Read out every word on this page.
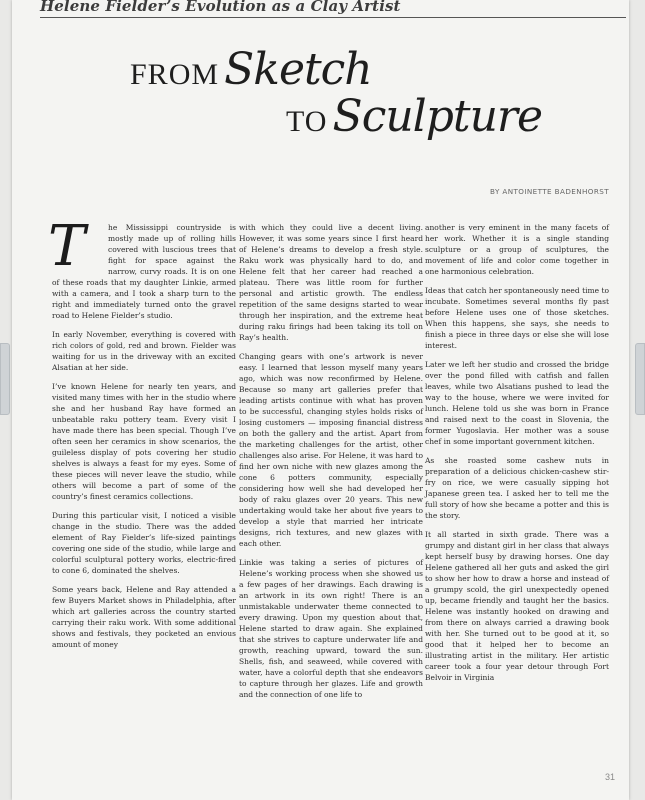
Helene Fielder’s Evolution as a Clay Artist
FROM Sketch
TO Sculpture
BY ANTOINETTE BADENHORST

T	he Mississippi countryside is mostly made up of rolling hills covered with luscious trees that fight for space against the narrow, curvy roads. It is on one of these roads that my daughter Linkie, armed with a camera, and I took a sharp turn to the right and immediately turned onto the gravel road to Helene Fielder’s studio.

In early November, everything is covered with rich colors of gold, red and brown. Fielder was waiting for us in the driveway with an excited Alsatian at her side.

I’ve known Helene for nearly ten years, and visited many times with her in the studio where she and her husband Ray have formed an unbeatable raku pottery team. Every visit I have made there has been special. Though I’ve often seen her ceramics in show scenarios, the guileless display of pots covering her studio shelves is always a feast for my eyes. Some of these pieces will never leave the studio, while others will become a part of some of the country’s finest ceramics collections.

During this particular visit, I noticed a visible change in the studio. There was the added element of Ray Fielder’s life-sized paintings covering one side of the studio, while large and colorful sculptural pottery works, electric-fired to cone 6, dominated the shelves.

Some years back, Helene and Ray attended a few Buyers Market shows in Philadelphia, after which art galleries across the country started carrying their raku work. With some additional shows and festivals, they pocketed an envious amount of money

with which they could live a decent living. However, it was some years since I first heard of Helene’s dreams to develop a fresh style. Raku work was physically hard to do, and Helene felt that her career had reached a plateau. There was little room for further personal and artistic growth. The endless repetition of the same designs started to wear through her inspiration, and the extreme heat during raku firings had been taking its toll on Ray’s health.

Changing gears with one’s artwork is never easy. I learned that lesson myself many years ago, which was now reconfirmed by Helene. Because so many art galleries prefer that leading artists continue with what has proven to be successful, changing styles holds risks of losing customers — imposing financial distress on both the gallery and the artist. Apart from the marketing challenges for the artist, other challenges also arise. For Helene, it was hard to find her own niche with new glazes among the cone 6 potters community, especially considering how well she had developed her body of raku glazes over 20 years. This new undertaking would take her about five years to develop a style that married her intricate designs, rich textures, and new glazes with each other.

Linkie was taking a series of pictures of Helene’s working process when she showed us a few pages of her drawings. Each drawing is an artwork in its own right! There is an unmistakable underwater theme connected to every drawing. Upon my question about that, Helene started to draw again. She explained that she strives to capture underwater life and growth, reaching upward, toward the sun. Shells, fish, and seaweed, while covered with water, have a colorful depth that she endeavors to capture through her glazes. Life and growth and the connection of one life to

another is very eminent in the many facets of her work. Whether it is a single standing sculpture or a group of sculptures, the movement of life and color come together in one harmonious celebration.

Ideas that catch her spontaneously need time to incubate. Sometimes several months fly past before Helene uses one of those sketches. When this happens, she says, she needs to finish a piece in three days or else she will lose interest.

Later we left her studio and crossed the bridge over the pond filled with catfish and fallen leaves, while two Alsatians pushed to lead the way to the house, where we were invited for lunch. Helene told us she was born in France and raised next to the coast in Slovenia, the former Yugoslavia. Her mother was a souse chef in some important government kitchen.

As she roasted some cashew nuts in preparation of a delicious chicken-cashew stir-fry on rice, we were casually sipping hot Japanese green tea. I asked her to tell me the full story of how she became a potter and this is the story.

It all started in sixth grade. There was a grumpy and distant girl in her class that always kept herself busy by drawing horses. One day Helene gathered all her guts and asked the girl to show her how to draw a horse and instead of a grumpy scold, the girl unexpectedly opened up, became friendly and taught her the basics. Helene was instantly hooked on drawing and from there on always carried a drawing book with her. She turned out to be good at it, so good that it helped her to become an illustrating artist in the military. Her artistic career took a four year detour through Fort Belvoir in Virginia

31
